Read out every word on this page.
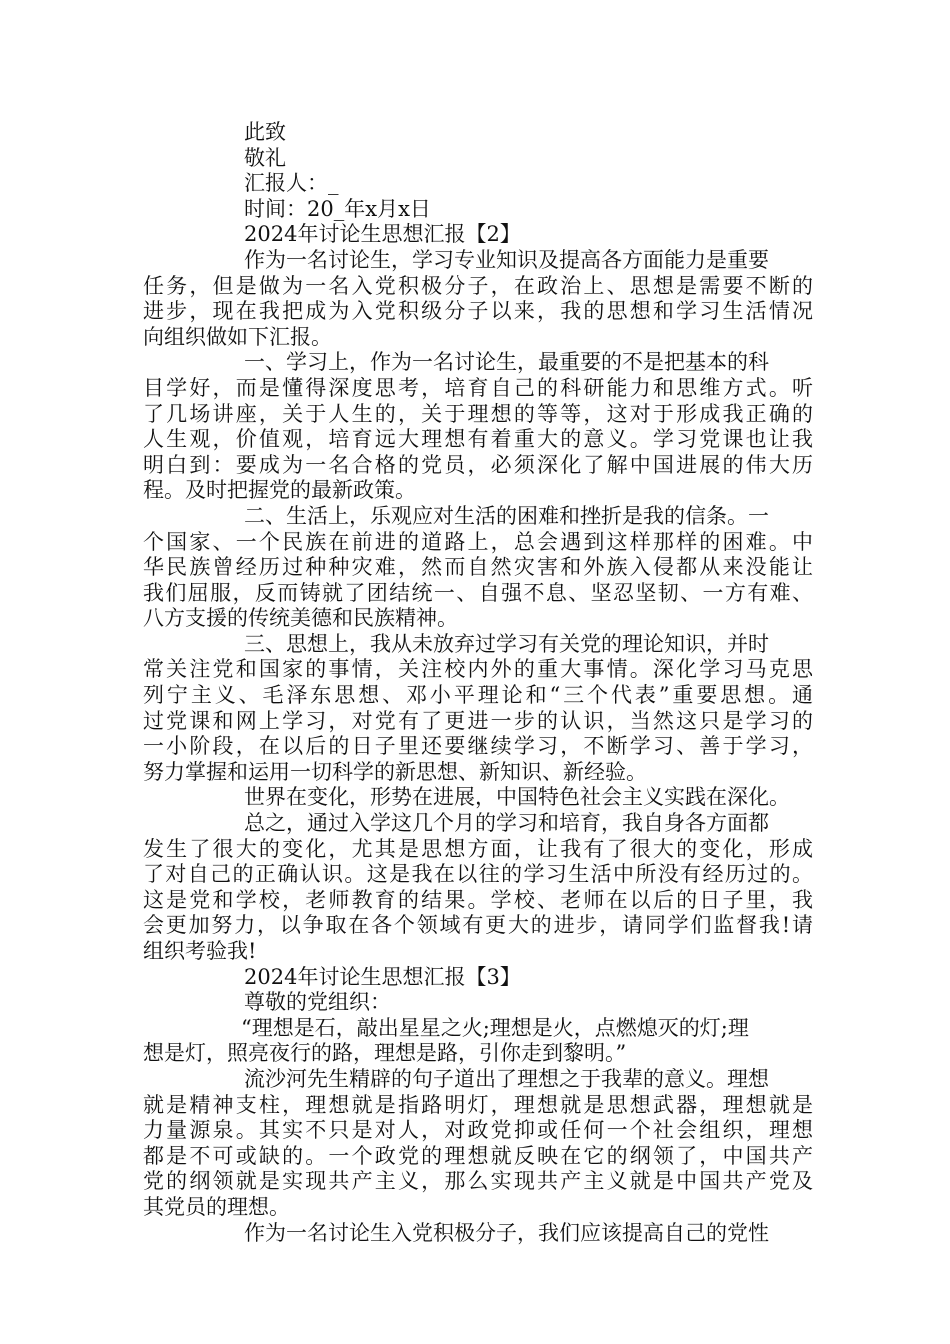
此致
敬礼
汇报人：_
时间：20_年x月x日
2024年讨论生思想汇报【2】
作为一名讨论生，学习专业知识及提高各方面能力是重要
任务，但是做为一名入党积极分子，在政治上、思想是需要不断的
进步，现在我把成为入党积级分子以来，我的思想和学习生活情况
向组织做如下汇报。
一、学习上，作为一名讨论生，最重要的不是把基本的科
目学好，而是懂得深度思考，培育自己的科研能力和思维方式。听
了几场讲座，关于人生的，关于理想的等等，这对于形成我正确的
人生观，价值观，培育远大理想有着重大的意义。学习党课也让我
明白到：要成为一名合格的党员，必须深化了解中国进展的伟大历
程。及时把握党的最新政策。
二、生活上，乐观应对生活的困难和挫折是我的信条。一
个国家、一个民族在前进的道路上，总会遇到这样那样的困难。中
华民族曾经历过种种灾难，然而自然灾害和外族入侵都从来没能让
我们屈服，反而铸就了团结统一、自强不息、坚忍坚韧、一方有难、
八方支援的传统美德和民族精神。
三、思想上，我从未放弃过学习有关党的理论知识，并时
常关注党和国家的事情，关注校内外的重大事情。深化学习马克思
列宁主义、毛泽东思想、邓小平理论和“三个代表”重要思想。通
过党课和网上学习，对党有了更进一步的认识，当然这只是学习的
一小阶段，在以后的日子里还要继续学习，不断学习、善于学习，
努力掌握和运用一切科学的新思想、新知识、新经验。
世界在变化，形势在进展，中国特色社会主义实践在深化。
总之，通过入学这几个月的学习和培育，我自身各方面都
发生了很大的变化，尤其是思想方面，让我有了很大的变化，形成
了对自己的正确认识。这是我在以往的学习生活中所没有经历过的。
这是党和学校，老师教育的结果。学校、老师在以后的日子里，我
会更加努力，以争取在各个领域有更大的进步，请同学们监督我!请
组织考验我!
2024年讨论生思想汇报【3】
尊敬的党组织：
“理想是石，敲出星星之火;理想是火，点燃熄灭的灯;理
想是灯，照亮夜行的路，理想是路，引你走到黎明。”
流沙河先生精辟的句子道出了理想之于我辈的意义。理想
就是精神支柱，理想就是指路明灯，理想就是思想武器，理想就是
力量源泉。其实不只是对人，对政党抑或任何一个社会组织，理想
都是不可或缺的。一个政党的理想就反映在它的纲领了，中国共产
党的纲领就是实现共产主义，那么实现共产主义就是中国共产党及
其党员的理想。
作为一名讨论生入党积极分子，我们应该提高自己的党性
